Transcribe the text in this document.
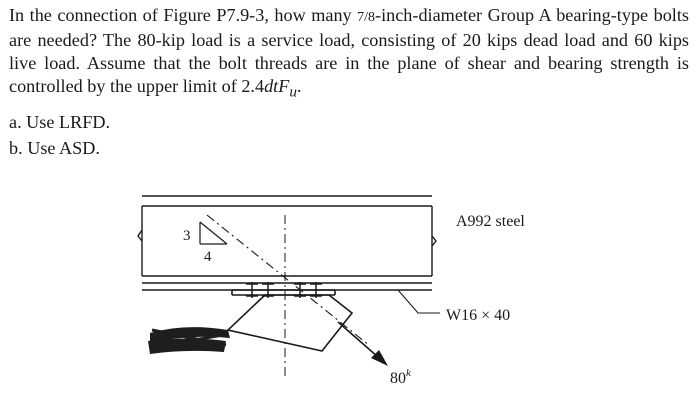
In the connection of Figure P7.9-3, how many 7/8-inch-diameter Group A bearing-type bolts are needed? The 80-kip load is a service load, consisting of 20 kips dead load and 60 kips live load. Assume that the bolt threads are in the plane of shear and bearing strength is controlled by the upper limit of 2.4dtF$_u$.

a. Use LRFD.
b. Use ASD.
A992 steel
W16 × 40
3
4
80$^k$
